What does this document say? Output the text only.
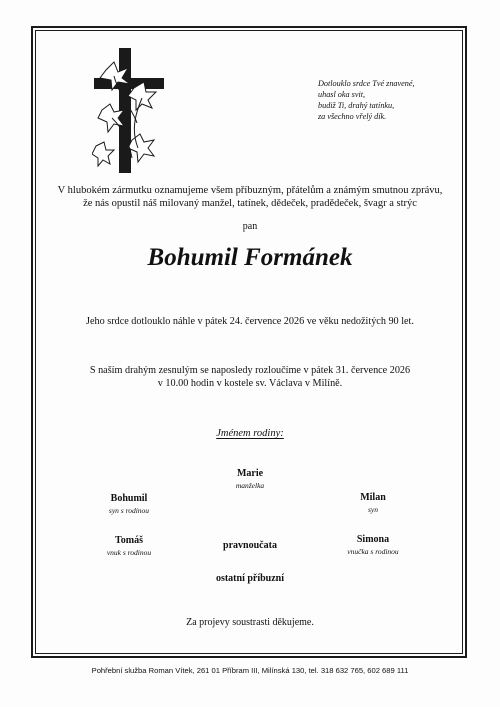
Dotlouklo srdce Tvé znavené,
uhasl oka svit,
budiž Ti, drahý tatínku,
za všechno vřelý dík.
V hlubokém zármutku oznamujeme všem příbuzným, přátelům a známým smutnou zprávu,
že nás opustil náš milovaný manžel, tatínek, dědeček, pradědeček, švagr a strýc
pan
Bohumil Formánek
Jeho srdce dotlouklo náhle v pátek 24. července 2026 ve věku nedožitých 90 let.
S naším drahým zesnulým se naposledy rozloučíme v pátek 31. července 2026
v 10.00 hodin v kostele sv. Václava v Milíně.
Jménem rodiny:
Marie
manželka
Bohumil
syn s rodinou
Milan
syn
Tomáš
vnuk s rodinou
Simona
vnučka s rodinou
pravnoučata
ostatní příbuzní
Za projevy soustrasti děkujeme.
Pohřební služba Roman Vítek, 261 01 Příbram III, Milínská 130, tel. 318 632 765, 602 689 111
